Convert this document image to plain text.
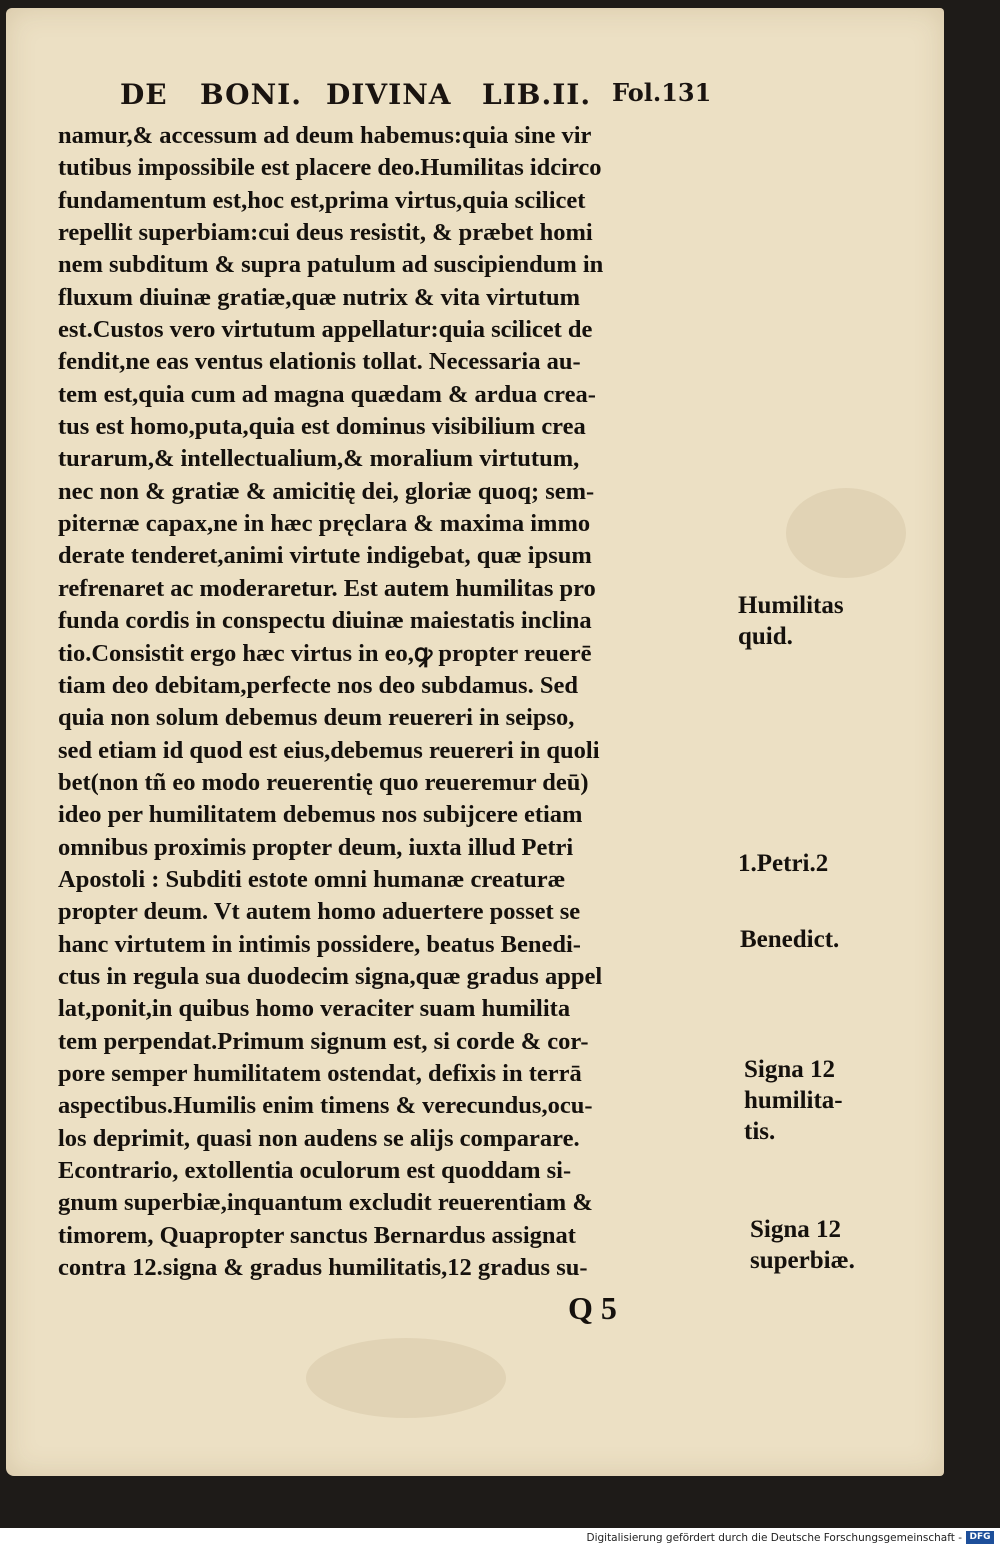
DE BONI. DIVINA LIB.II. Fol.131
namur,& accessum ad deum habemus:quia sine vir
tutibus impossibile est placere deo.Humilitas idcirco
fundamentum est,hoc est,prima virtus,quia scilicet
repellit superbiam:cui deus resistit, & præbet homi
nem subditum & supra patulum ad suscipiendum in
fluxum diuinæ gratiæ,quæ nutrix & vita virtutum
est.Custos vero virtutum appellatur:quia scilicet de
fendit,ne eas ventus elationis tollat. Necessaria au-
tem est,quia cum ad magna quædam & ardua crea-
tus est homo,puta,quia est dominus visibilium crea
turarum,& intellectualium,& moralium virtutum,
nec non & gratiæ & amicitię dei, gloriæ quoq; sem-
piternæ capax,ne in hæc pręclara & maxima immo
derate tenderet,animi virtute indigebat, quæ ipsum
refrenaret ac moderaretur. Est autem humilitas pro
funda cordis in conspectu diuinæ maiestatis inclina
tio.Consistit ergo hæc virtus in eo,ꝙ propter reuerē
tiam deo debitam,perfecte nos deo subdamus. Sed
quia non solum debemus deum reuereri in seipso,
sed etiam id quod est eius,debemus reuereri in quoli
bet(non tñ eo modo reuerentię quo reueremur deū)
ideo per humilitatem debemus nos subijcere etiam
omnibus proximis propter deum, iuxta illud Petri
Apostoli : Subditi estote omni humanæ creaturæ
propter deum. Vt autem homo aduertere posset se
hanc virtutem in intimis possidere, beatus Benedi-
ctus in regula sua duodecim signa,quæ gradus appel
lat,ponit,in quibus homo veraciter suam humilita
tem perpendat.Primum signum est, si corde & cor-
pore semper humilitatem ostendat, defixis in terrā
aspectibus.Humilis enim timens & verecundus,ocu-
los deprimit, quasi non audens se alijs comparare.
Econtrario, extollentia oculorum est quoddam si-
gnum superbiæ,inquantum excludit reuerentiam &
timorem, Quapropter sanctus Bernardus assignat
contra 12.signa & gradus humilitatis,12 gradus su-
Humilitas
quid.
1.Petri.2
Benedict.
Signa 12
humilita-
tis.
Signa 12
superbiæ.
Q 5
Digitalisierung gefördert durch die Deutsche Forschungsgemeinschaft - DFG
